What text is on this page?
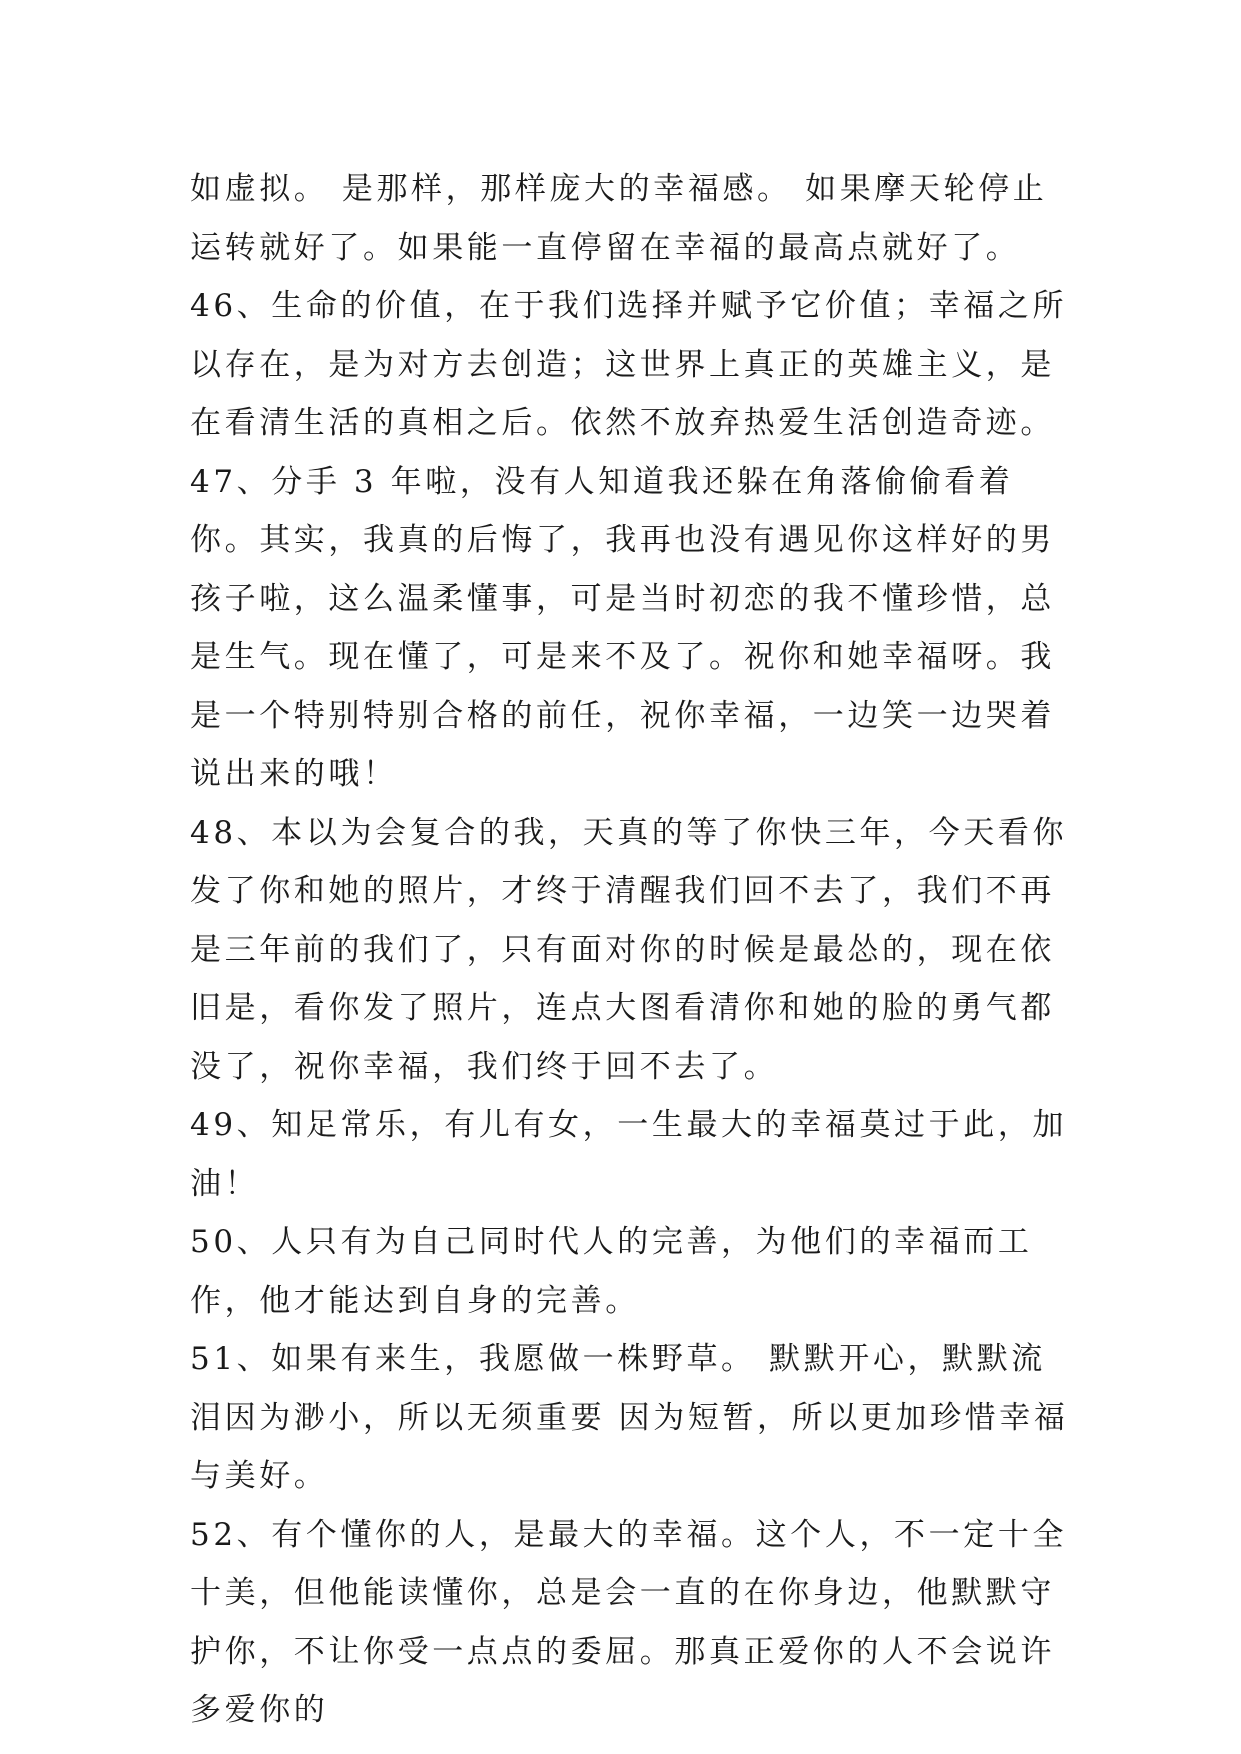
如虚拟。 是那样，那样庞大的幸福感。 如果摩天轮停止运转就好了。如果能一直停留在幸福的最高点就好了。

46、生命的价值，在于我们选择并赋予它价值；幸福之所以存在，是为对方去创造；这世界上真正的英雄主义，是在看清生活的真相之后。依然不放弃热爱生活创造奇迹。

47、分手 3 年啦，没有人知道我还躲在角落偷偷看着你。其实，我真的后悔了，我再也没有遇见你这样好的男孩子啦，这么温柔懂事，可是当时初恋的我不懂珍惜，总是生气。现在懂了，可是来不及了。祝你和她幸福呀。我是一个特别特别合格的前任，祝你幸福，一边笑一边哭着说出来的哦！

48、本以为会复合的我，天真的等了你快三年，今天看你发了你和她的照片，才终于清醒我们回不去了，我们不再是三年前的我们了，只有面对你的时候是最怂的，现在依旧是，看你发了照片，连点大图看清你和她的脸的勇气都没了，祝你幸福，我们终于回不去了。

49、知足常乐，有儿有女，一生最大的幸福莫过于此，加油！

50、人只有为自己同时代人的完善，为他们的幸福而工作，他才能达到自身的完善。

51、如果有来生，我愿做一株野草。 默默开心，默默流泪因为渺小，所以无须重要 因为短暂，所以更加珍惜幸福与美好。

52、有个懂你的人，是最大的幸福。这个人，不一定十全十美，但他能读懂你，总是会一直的在你身边，他默默守护你，不让你受一点点的委屈。那真正爱你的人不会说许多爱你的
